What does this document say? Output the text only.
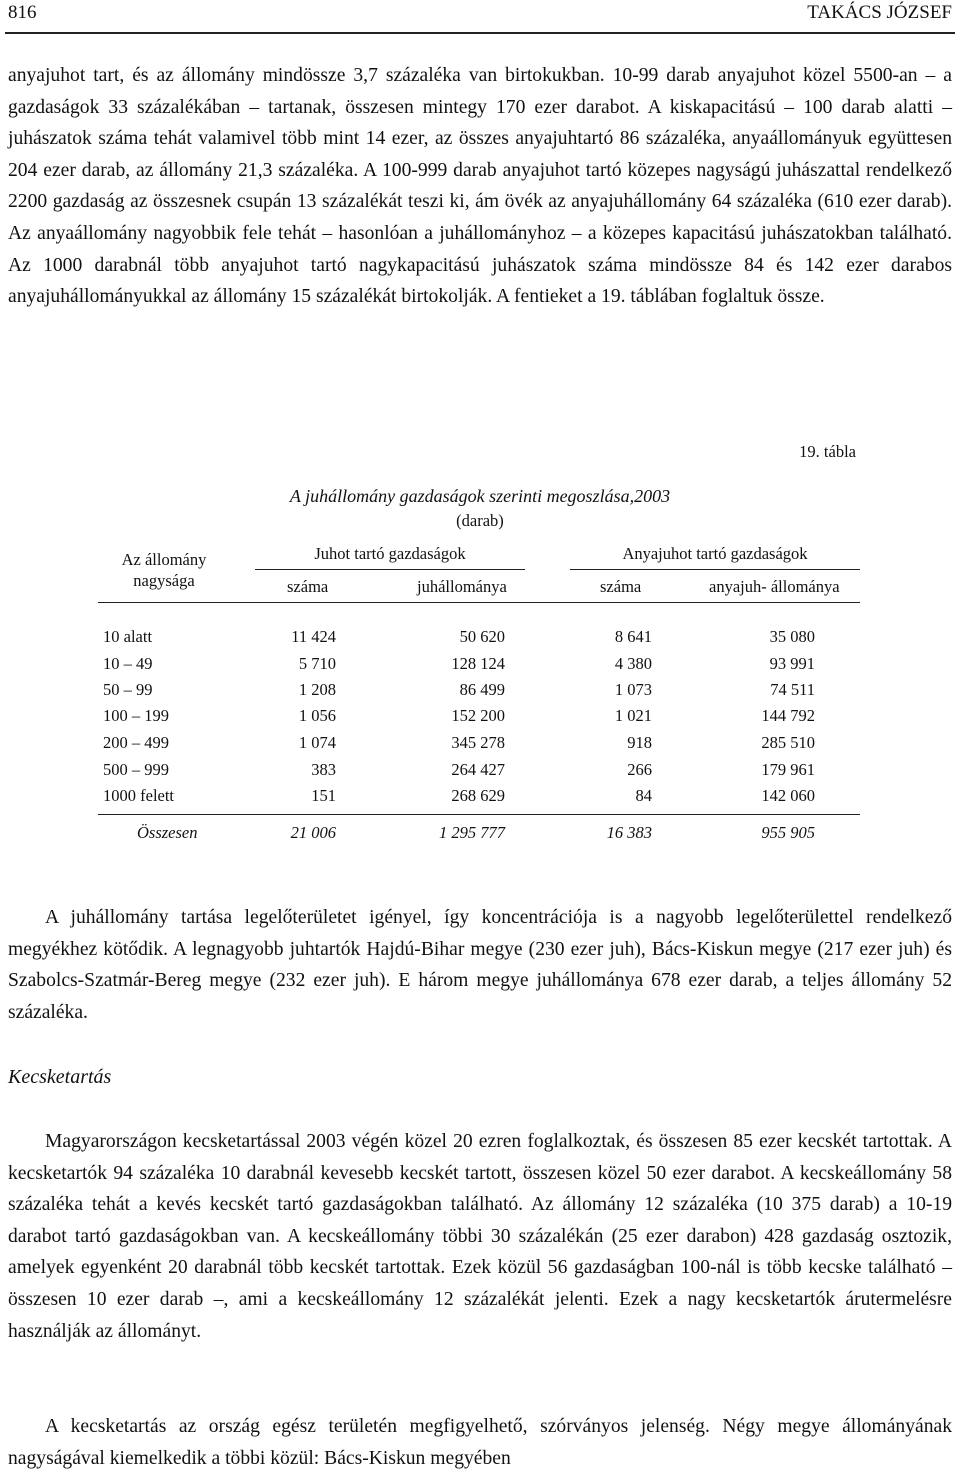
816	TAKÁCS JÓZSEF

anyajuhot tart, és az állomány mindössze 3,7 százaléka van birtokukban. 10-99 darab anyajuhot közel 5500-an – a gazdaságok 33 százalékában – tartanak, összesen mintegy 170 ezer darabot. A kiskapacitású – 100 darab alatti – juhászatok száma tehát valamivel több mint 14 ezer, az összes anyajuhtartó 86 százaléka, anyaállományuk együttesen 204 ezer darab, az állomány 21,3 százaléka. A 100-999 darab anyajuhot tartó közepes nagyságú juhászattal rendelkező 2200 gazdaság az összesnek csupán 13 százalékát teszi ki, ám övék az anyajuhállomány 64 százaléka (610 ezer darab). Az anyaállomány nagyobbik fele tehát – hasonlóan a juhállományhoz – a közepes kapacitású juhászatokban található. Az 1000 darabnál több anyajuhot tartó nagykapacitású juhászatok száma mindössze 84 és 142 ezer darabos anyajuhállományukkal az állomány 15 százalékát birtokolják. A fentieket a 19. táblában foglaltuk össze.

19. tábla
A juhállomány gazdaságok szerinti megoszlása,2003
(darab)
Az állomány nagysága
Juhot tartó gazdaságok	Anyajuhot tartó gazdaságok
száma	juhállománya	száma	anyajuh- állománya
10 alatt	11 424	50 620	8 641	35 080
10 – 49	5 710	128 124	4 380	93 991
50 – 99	1 208	86 499	1 073	74 511
100 – 199	1 056	152 200	1 021	144 792
200 – 499	1 074	345 278	918	285 510
500 – 999	383	264 427	266	179 961
1000 felett	151	268 629	84	142 060
Összesen	21 006	1 295 777	16 383	955 905

A juhállomány tartása legelőterületet igényel, így koncentrációja is a nagyobb legelőterülettel rendelkező megyékhez kötődik. A legnagyobb juhtartók Hajdú-Bihar megye (230 ezer juh), Bács-Kiskun megye (217 ezer juh) és Szabolcs-Szatmár-Bereg megye (232 ezer juh). E három megye juhállománya 678 ezer darab, a teljes állomány 52 százaléka.

Kecsketartás

Magyarországon kecsketartással 2003 végén közel 20 ezren foglalkoztak, és összesen 85 ezer kecskét tartottak. A kecsketartók 94 százaléka 10 darabnál kevesebb kecskét tartott, összesen közel 50 ezer darabot. A kecskeállomány 58 százaléka tehát a kevés kecskét tartó gazdaságokban található. Az állomány 12 százaléka (10 375 darab) a 10-19 darabot tartó gazdaságokban van. A kecskeállomány többi 30 százalékán (25 ezer darabon) 428 gazdaság osztozik, amelyek egyenként 20 darabnál több kecskét tartottak. Ezek közül 56 gazdaságban 100-nál is több kecske található – összesen 10 ezer darab –, ami a kecskeállomány 12 százalékát jelenti. Ezek a nagy kecsketartók árutermelésre használják az állományt.

A kecsketartás az ország egész területén megfigyelhető, szórványos jelenség. Négy megye állományának nagyságával kiemelkedik a többi közül: Bács-Kiskun megyében
